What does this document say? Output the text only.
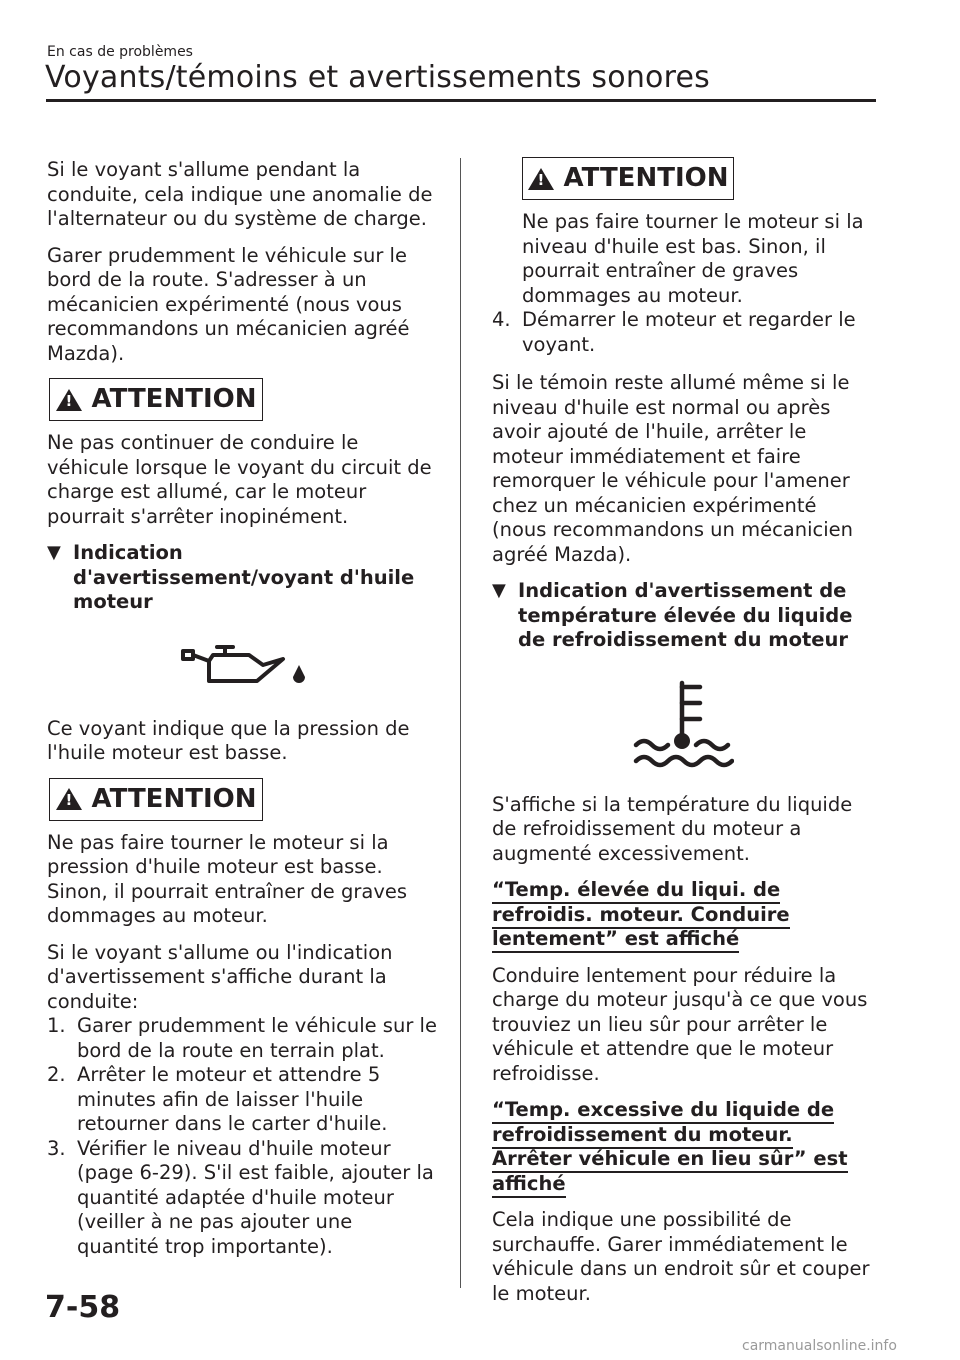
En cas de problèmes
Voyants/témoins et avertissements sonores

Si le voyant s'allume pendant la conduite, cela indique une anomalie de l'alternateur ou du système de charge.

Garer prudemment le véhicule sur le bord de la route. S'adresser à un mécanicien expérimenté (nous vous recommandons un mécanicien agréé Mazda).

! ATTENTION

Ne pas continuer de conduire le véhicule lorsque le voyant du circuit de charge est allumé, car le moteur pourrait s'arrêter inopinément.

▼ Indication d'avertissement/voyant d'huile moteur

Ce voyant indique que la pression de l'huile moteur est basse.

! ATTENTION

Ne pas faire tourner le moteur si la pression d'huile moteur est basse. Sinon, il pourrait entraîner de graves dommages au moteur.

Si le voyant s'allume ou l'indication d'avertissement s'affiche durant la conduite:

1. Garer prudemment le véhicule sur le bord de la route en terrain plat.
2. Arrêter le moteur et attendre 5 minutes afin de laisser l'huile retourner dans le carter d'huile.
3. Vérifier le niveau d'huile moteur (page 6-29). S'il est faible, ajouter la quantité adaptée d'huile moteur (veiller à ne pas ajouter une quantité trop importante).
! ATTENTION

Ne pas faire tourner le moteur si la niveau d'huile est bas. Sinon, il pourrait entraîner de graves dommages au moteur.

4. Démarrer le moteur et regarder le voyant.

Si le témoin reste allumé même si le niveau d'huile est normal ou après avoir ajouté de l'huile, arrêter le moteur immédiatement et faire remorquer le véhicule pour l'amener chez un mécanicien expérimenté (nous recommandons un mécanicien agréé Mazda).

▼ Indication d'avertissement de température élevée du liquide de refroidissement du moteur

S'affiche si la température du liquide de refroidissement du moteur a augmenté excessivement.

“Temp. élevée du liqui. de refroidis. moteur. Conduire lentement” est affiché

Conduire lentement pour réduire la charge du moteur jusqu'à ce que vous trouviez un lieu sûr pour arrêter le véhicule et attendre que le moteur refroidisse.

“Temp. excessive du liquide de refroidissement du moteur. Arrêter véhicule en lieu sûr” est affiché

Cela indique une possibilité de surchauffe. Garer immédiatement le véhicule dans un endroit sûr et couper le moteur.

7-58
carmanualsonline.info
